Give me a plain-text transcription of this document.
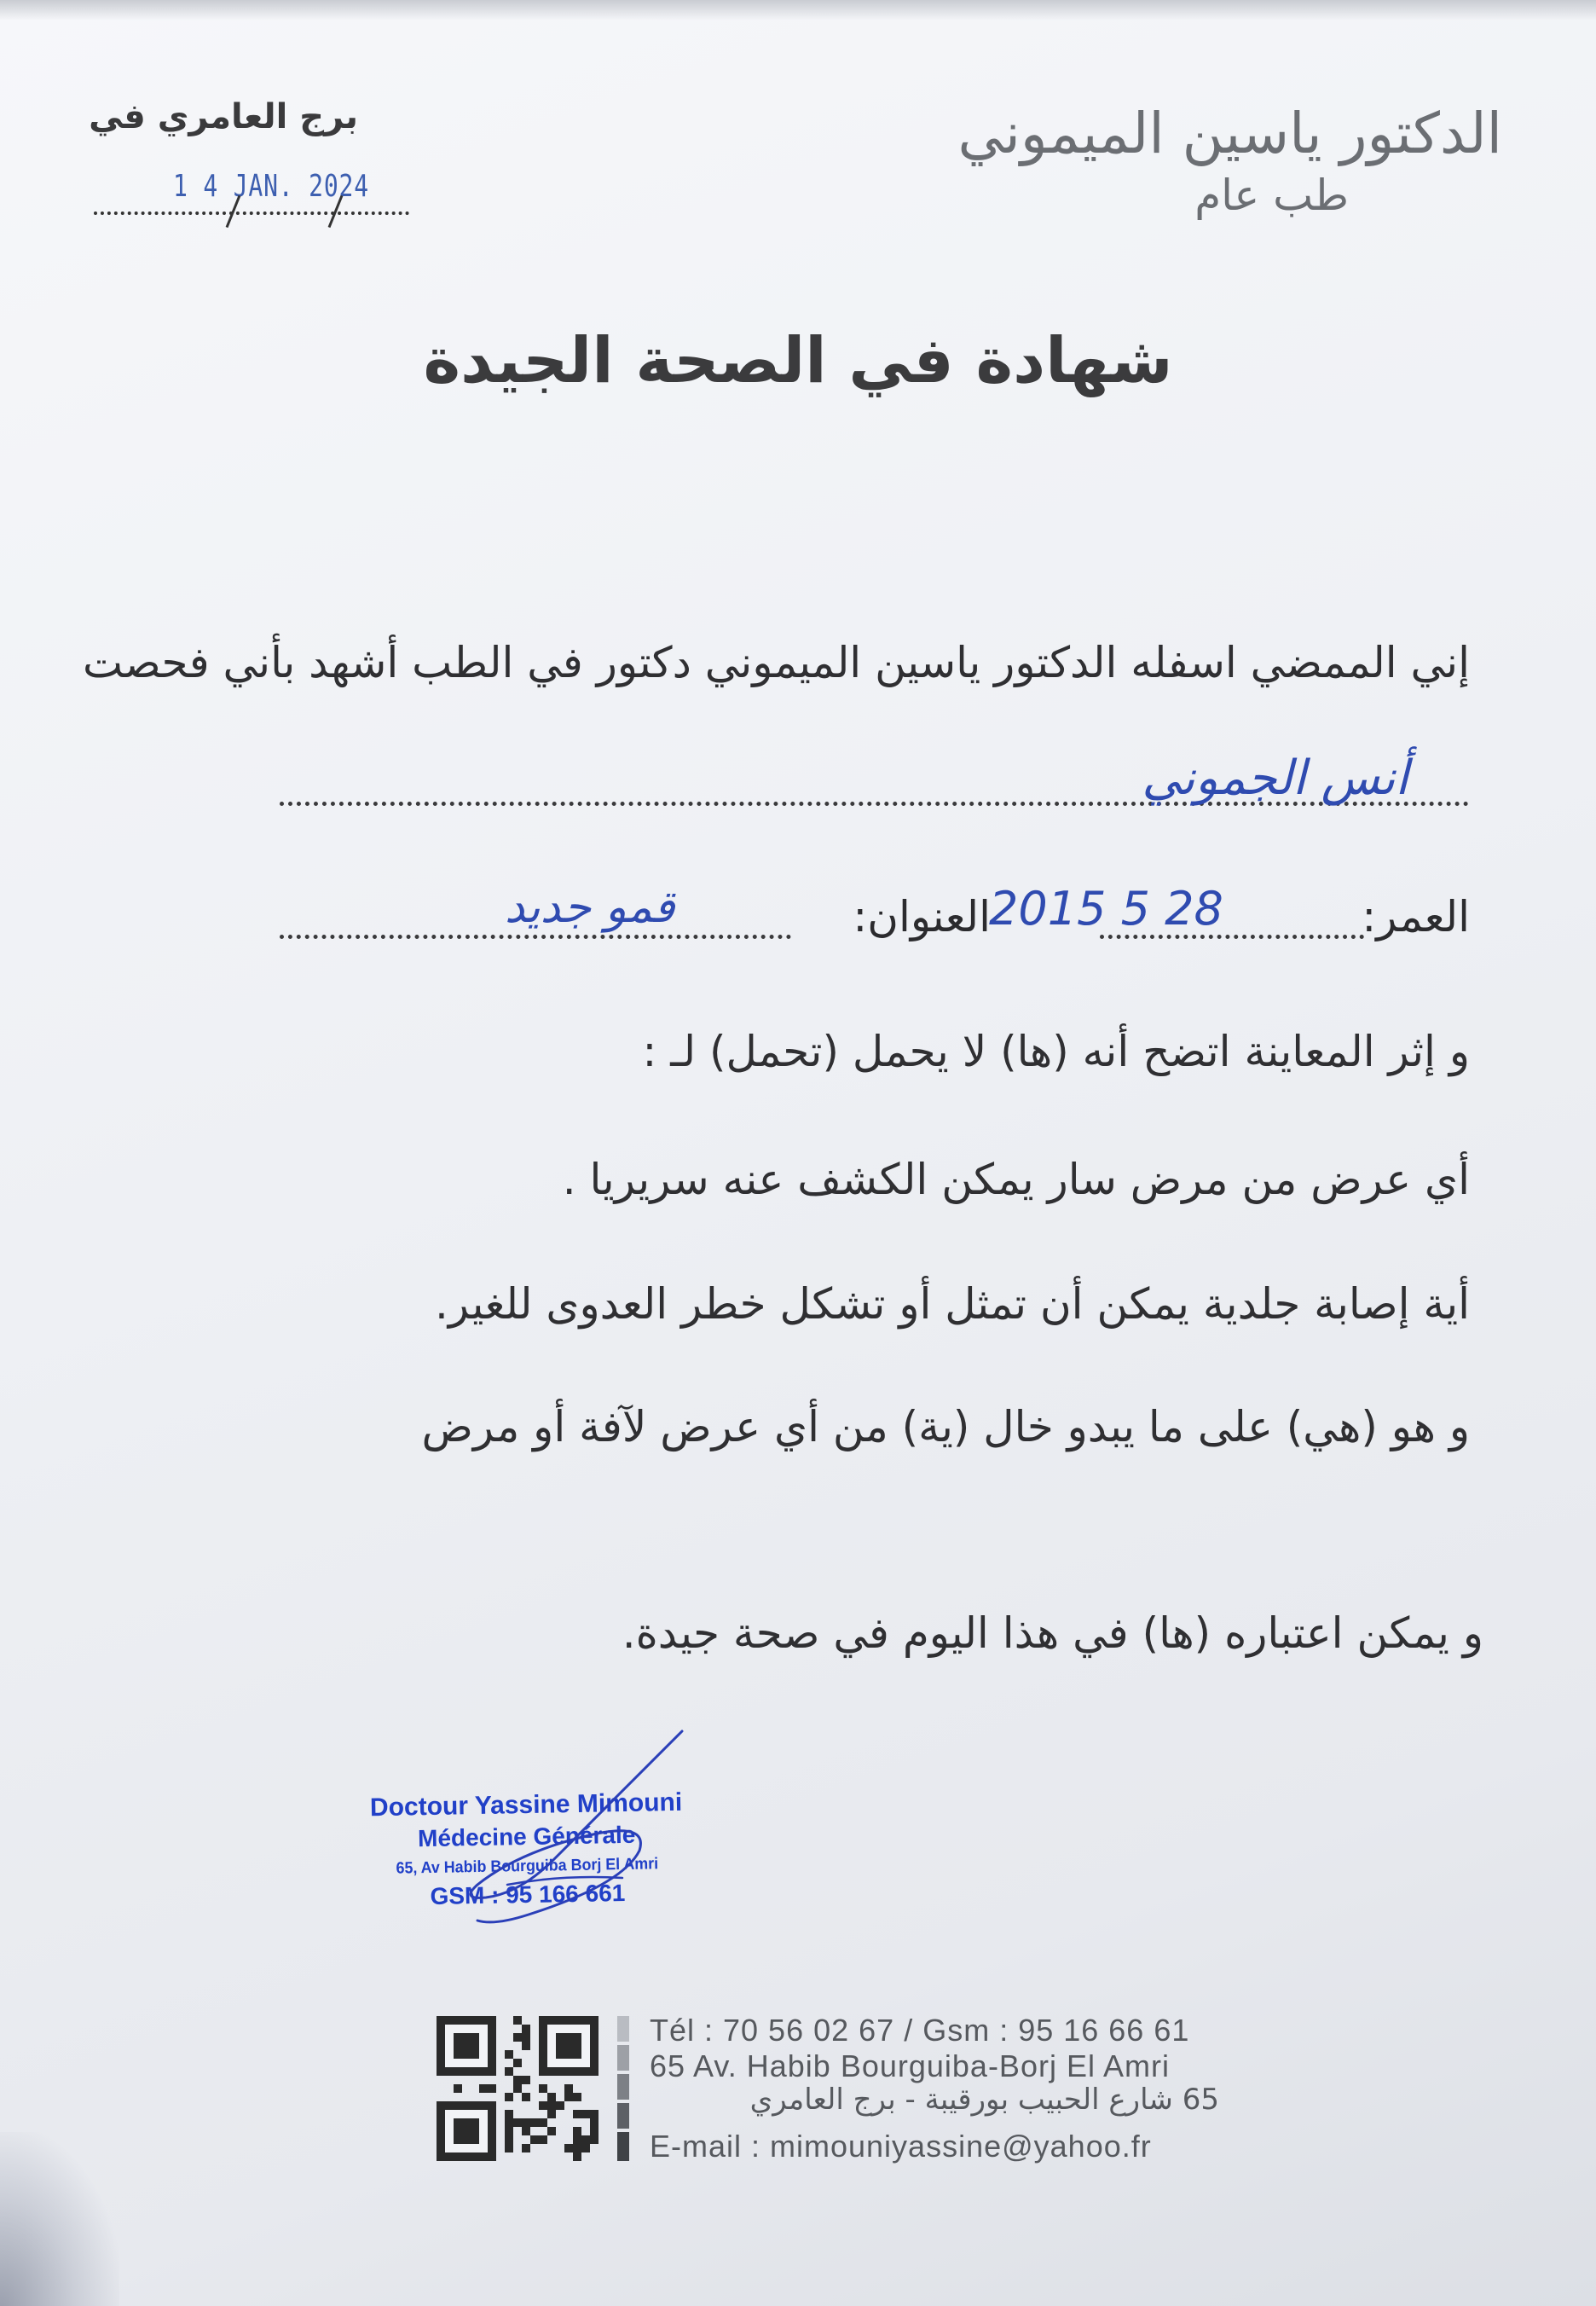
الدكتور ياسين الميموني
طب عام
برج العامري في
1 4 JAN. 2024
شهادة في الصحة الجيدة
إني الممضي اسفله الدكتور ياسين الميموني دكتور في الطب أشهد بأني فحصت
أنس الجموني
العمر:
2015 5 28
العنوان:
قمو جديد
و إثر المعاينة اتضح أنه (ها) لا يحمل (تحمل) لـ :
أي عرض من مرض سار يمكن الكشف عنه سريريا .
أية إصابة جلدية يمكن أن تمثل أو تشكل خطر العدوى للغير.
و هو (هي) على ما يبدو خال (ية) من أي عرض لآفة أو مرض
و يمكن اعتباره (ها) في هذا اليوم في صحة جيدة.
Doctour Yassine Mimouni
Médecine Générale
65, Av Habib Bourguiba Borj El Amri
GSM : 95 166 661
Tél : 70 56 02 67 / Gsm : 95 16 66 61
65 Av. Habib Bourguiba-Borj El Amri
65 شارع الحبيب بورقيبة - برج العامري
E-mail : mimouniyassine@yahoo.fr
